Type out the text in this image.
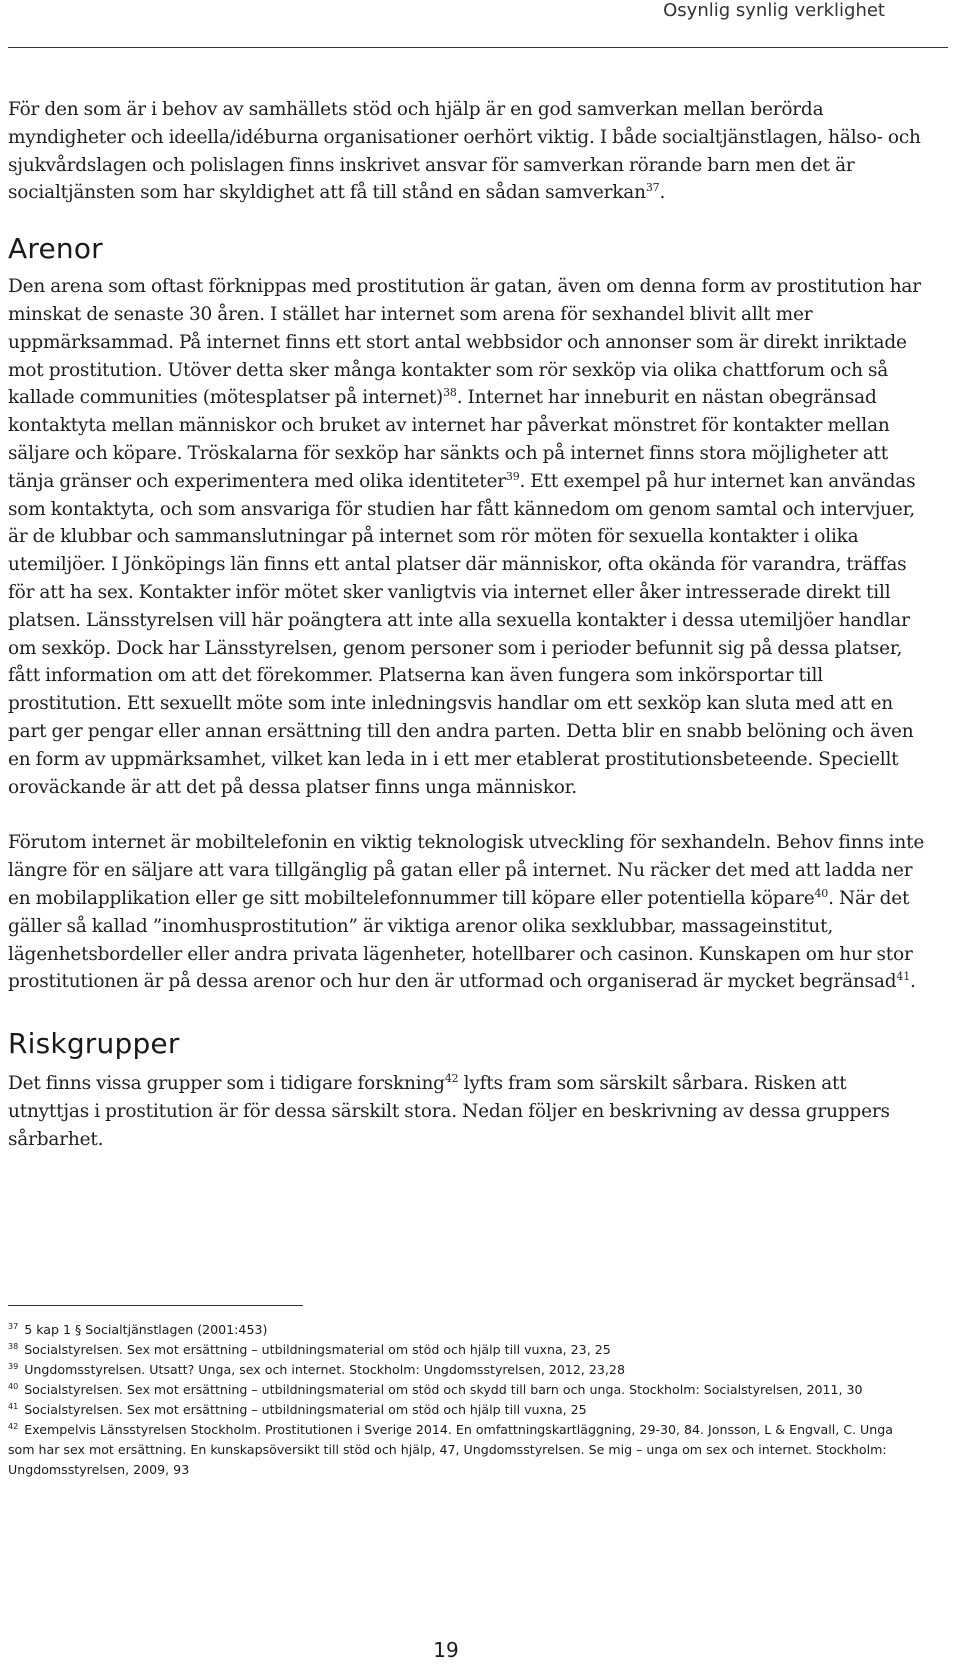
Osynlig synlig verklighet

För den som är i behov av samhällets stöd och hjälp är en god samverkan mellan berörda myndigheter och ideella/idéburna organisationer oerhört viktig. I både socialtjänstlagen, hälso- och sjukvårdslagen och polislagen finns inskrivet ansvar för samverkan rörande barn men det är socialtjänsten som har skyldighet att få till stånd en sådan samverkan$^{37}$.

Arenor

Den arena som oftast förknippas med prostitution är gatan, även om denna form av prostitution har minskat de senaste 30 åren. I stället har internet som arena för sexhandel blivit allt mer uppmärksammad. På internet finns ett stort antal webbsidor och annonser som är direkt inriktade mot prostitution. Utöver detta sker många kontakter som rör sexköp via olika chattforum och så kallade communities (mötesplatser på internet)$^{38}$. Internet har inneburit en nästan obegränsad kontaktyta mellan människor och bruket av internet har påverkat mönstret för kontakter mellan säljare och köpare. Tröskalarna för sexköp har sänkts och på internet finns stora möjligheter att tänja gränser och experimentera med olika identiteter$^{39}$. Ett exempel på hur internet kan användas som kontaktyta, och som ansvariga för studien har fått kännedom om genom samtal och intervjuer, är de klubbar och sammanslutningar på internet som rör möten för sexuella kontakter i olika utemiljöer. I Jönköpings län finns ett antal platser där människor, ofta okända för varandra, träffas för att ha sex. Kontakter inför mötet sker vanligtvis via internet eller åker intresserade direkt till platsen. Länsstyrelsen vill här poängtera att inte alla sexuella kontakter i dessa utemiljöer handlar om sexköp. Dock har Länsstyrelsen, genom personer som i perioder befunnit sig på dessa platser, fått information om att det förekommer. Platserna kan även fungera som inkörsportar till prostitution. Ett sexuellt möte som inte inledningsvis handlar om ett sexköp kan sluta med att en part ger pengar eller annan ersättning till den andra parten. Detta blir en snabb belöning och även en form av uppmärksamhet, vilket kan leda in i ett mer etablerat prostitutionsbeteende. Speciellt oroväckande är att det på dessa platser finns unga människor.

Förutom internet är mobiltelefonin en viktig teknologisk utveckling för sexhandeln. Behov finns inte längre för en säljare att vara tillgänglig på gatan eller på internet. Nu räcker det med att ladda ner en mobilapplikation eller ge sitt mobiltelefonnummer till köpare eller potentiella köpare$^{40}$. När det gäller så kallad ”inomhusprostitution” är viktiga arenor olika sexklubbar, massageinstitut, lägenhetsbordeller eller andra privata lägenheter, hotellbarer och casinon. Kunskapen om hur stor prostitutionen är på dessa arenor och hur den är utformad och organiserad är mycket begränsad$^{41}$.

Riskgrupper

Det finns vissa grupper som i tidigare forskning$^{42}$ lyfts fram som särskilt sårbara. Risken att utnyttjas i prostitution är för dessa särskilt stora. Nedan följer en beskrivning av dessa gruppers sårbarhet.

$^{37}$ 5 kap 1 § Socialtjänstlagen (2001:453)

$^{38}$ Socialstyrelsen. Sex mot ersättning – utbildningsmaterial om stöd och hjälp till vuxna, 23, 25

$^{39}$ Ungdomsstyrelsen. Utsatt? Unga, sex och internet. Stockholm: Ungdomsstyrelsen, 2012, 23,28

$^{40}$ Socialstyrelsen. Sex mot ersättning – utbildningsmaterial om stöd och skydd till barn och unga. Stockholm: Socialstyrelsen, 2011, 30

$^{41}$ Socialstyrelsen. Sex mot ersättning – utbildningsmaterial om stöd och hjälp till vuxna, 25

$^{42}$ Exempelvis Länsstyrelsen Stockholm. Prostitutionen i Sverige 2014. En omfattningskartläggning, 29-30, 84. Jonsson, L & Engvall, C. Unga som har sex mot ersättning. En kunskapsöversikt till stöd och hjälp, 47, Ungdomsstyrelsen. Se mig – unga om sex och internet. Stockholm: Ungdomsstyrelsen, 2009, 93

19
